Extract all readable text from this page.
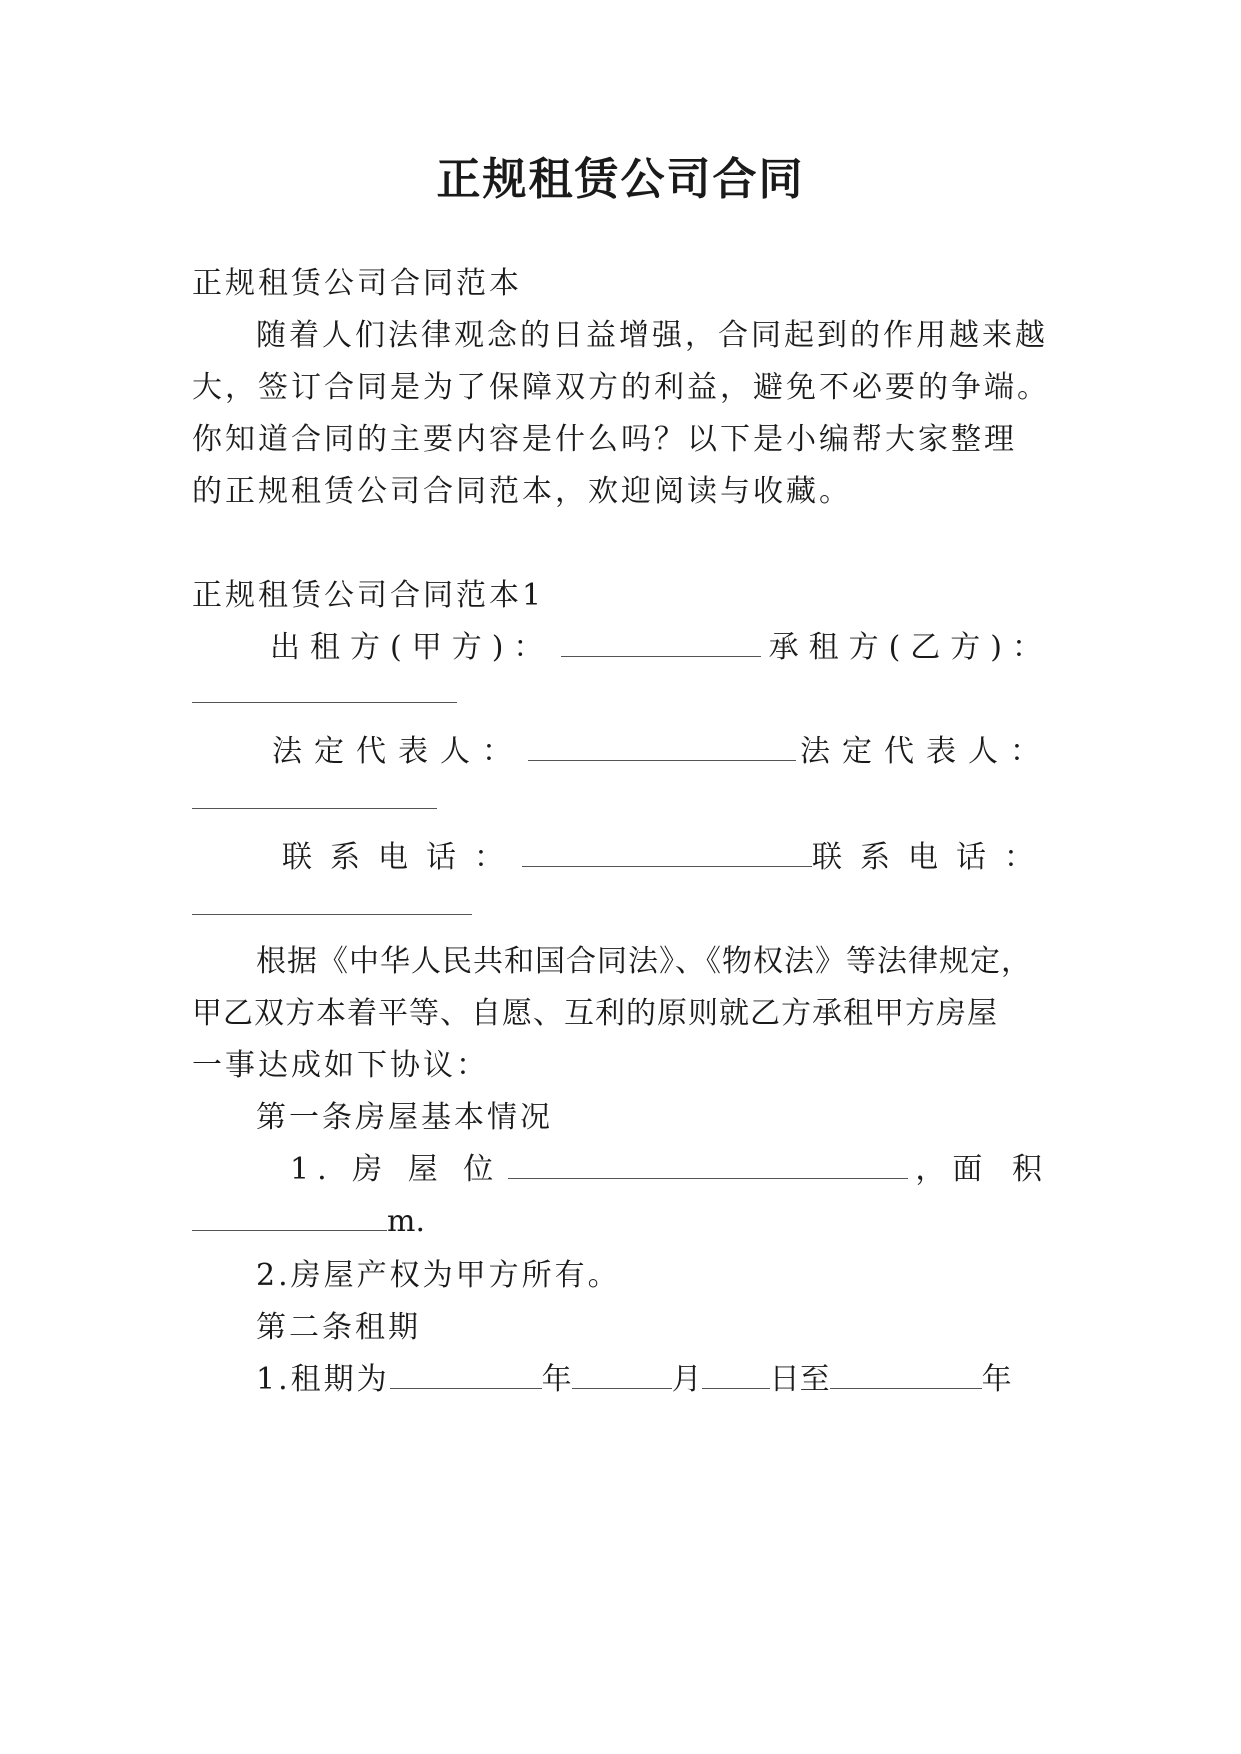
正规租赁公司合同
正规租赁公司合同范本
随着人们法律观念的日益增强，合同起到的作用越来越
大，签订合同是为了保障双方的利益，避免不必要的争端。
你知道合同的主要内容是什么吗？以下是小编帮大家整理
的正规租赁公司合同范本，欢迎阅读与收藏。
正规租赁公司合同范本1
出租方(甲方)：	承租方(乙方)：
法定代表人：	法定代表人：
联系电话：	联系电话：
根据《中华人民共和国合同法》、《物权法》等法律规定，
甲乙双方本着平等、自愿、互利的原则就乙方承租甲方房屋
一事达成如下协议：
第一条房屋基本情况
1. 房 屋 位	， 面 积
m.
2.房屋产权为甲方所有。
第二条租期
1.租期为	年	月 日至	年
